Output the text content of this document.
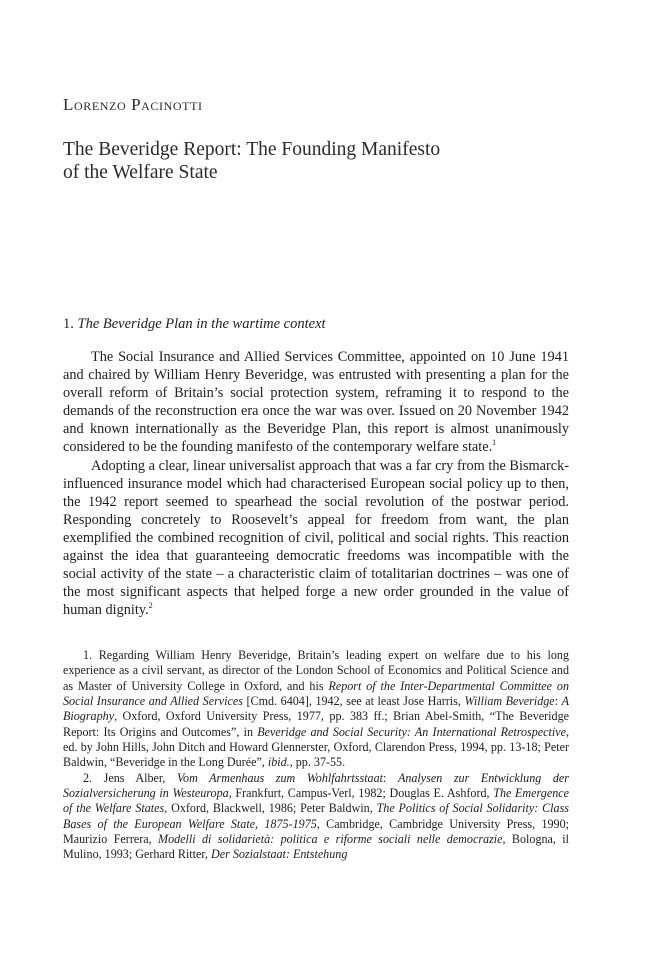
Lorenzo Pacinotti
The Beveridge Report: The Founding Manifesto
of the Welfare State
1. The Beveridge Plan in the wartime context

The Social Insurance and Allied Services Committee, appointed on 10 June 1941 and chaired by William Henry Beveridge, was entrusted with presenting a plan for the overall reform of Britain’s social protection system, reframing it to respond to the demands of the reconstruction era once the war was over. Issued on 20 November 1942 and known internationally as the Beveridge Plan, this report is almost unanimously considered to be the founding manifesto of the contemporary welfare state.$^1$

Adopting a clear, linear universalist approach that was a far cry from the Bismarck-influenced insurance model which had characterised European social policy up to then, the 1942 report seemed to spearhead the social revolution of the postwar period. Responding concretely to Roosevelt’s appeal for freedom from want, the plan exemplified the combined recognition of civil, political and social rights. This reaction against the idea that guaranteeing democratic freedoms was incompatible with the social activity of the state – a characteristic claim of totalitarian doctrines – was one of the most significant aspects that helped forge a new order grounded in the value of human dignity.$^2$

1. Regarding William Henry Beveridge, Britain’s leading expert on welfare due to his long experience as a civil servant, as director of the London School of Economics and Political Science and as Master of University College in Oxford, and his Report of the Inter-Departmental Committee on Social Insurance and Allied Services [Cmd. 6404], 1942, see at least Jose Harris, William Beveridge: A Biography, Oxford, Oxford University Press, 1977, pp. 383 ff.; Brian Abel-Smith, “The Beveridge Report: Its Origins and Outcomes”, in Beveridge and Social Security: An International Retrospective, ed. by John Hills, John Ditch and Howard Glennerster, Oxford, Clarendon Press, 1994, pp. 13-18; Peter Baldwin, “Beveridge in the Long Durée”, ibid., pp. 37-55.

2. Jens Alber, Vom Armenhaus zum Wohlfahrtsstaat: Analysen zur Entwicklung der Sozialversicherung in Westeuropa, Frankfurt, Campus-Verl, 1982; Douglas E. Ashford, The Emergence of the Welfare States, Oxford, Blackwell, 1986; Peter Baldwin, The Politics of Social Solidarity: Class Bases of the European Welfare State, 1875-1975, Cambridge, Cambridge University Press, 1990; Maurizio Ferrera, Modelli di solidarietà: politica e riforme sociali nelle democrazie, Bologna, il Mulino, 1993; Gerhard Ritter, Der Sozialstaat: Entstehung
